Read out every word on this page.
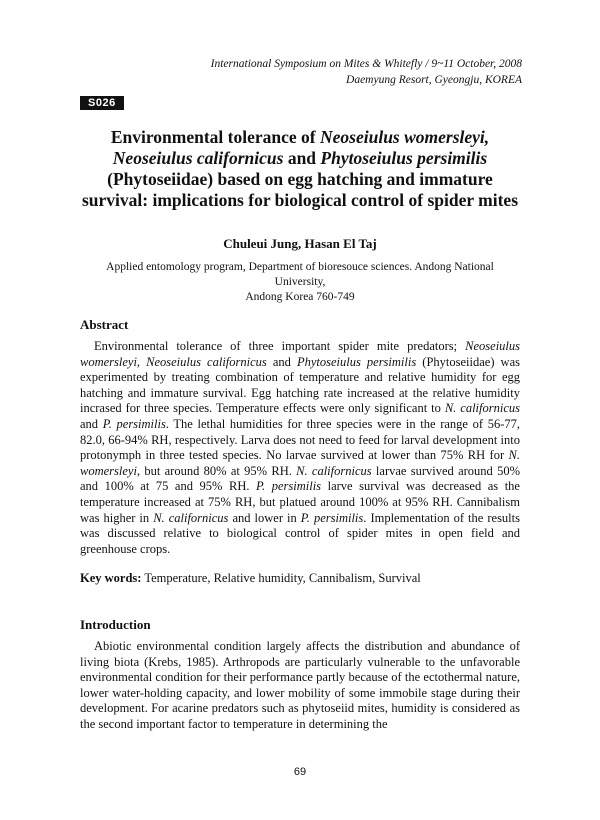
International Symposium on Mites & Whitefly / 9~11 October, 2008
Daemyung Resort, Gyeongju, KOREA
S026
Environmental tolerance of Neoseiulus womersleyi,
Neoseiulus californicus and Phytoseiulus persimilis
(Phytoseiidae) based on egg hatching and immature survival: implications for biological control of spider mites
Chuleui Jung, Hasan El Taj
Applied entomology program, Department of bioresouce sciences. Andong National University,
Andong Korea 760-749
Abstract
Environmental tolerance of three important spider mite predators; Neoseiulus womersleyi, Neoseiulus californicus and Phytoseiulus persimilis (Phytoseiidae) was experimented by treating combination of temperature and relative humidity for egg hatching and immature survival. Egg hatching rate increased at the relative humidity incrased for three species. Temperature effects were only significant to N. californicus and P. persimilis. The lethal humidities for three species were in the range of 56-77, 82.0, 66-94% RH, respectively. Larva does not need to feed for larval development into protonymph in three tested species. No larvae survived at lower than 75% RH for N. womersleyi, but around 80% at 95% RH. N. californicus larvae survived around 50% and 100% at 75 and 95% RH. P. persimilis larve survival was decreased as the temperature increased at 75% RH, but platued around 100% at 95% RH. Cannibalism was higher in N. californicus and lower in P. persimilis. Implementation of the results was discussed relative to biological control of spider mites in open field and greenhouse crops.
Key words: Temperature, Relative humidity, Cannibalism, Survival
Introduction
Abiotic environmental condition largely affects the distribution and abundance of living biota (Krebs, 1985). Arthropods are particularly vulnerable to the unfavorable environmental condition for their performance partly because of the ectothermal nature, lower water-holding capacity, and lower mobility of some immobile stage during their development. For acarine predators such as phytoseiid mites, humidity is considered as the second important factor to temperature in determining the
69
